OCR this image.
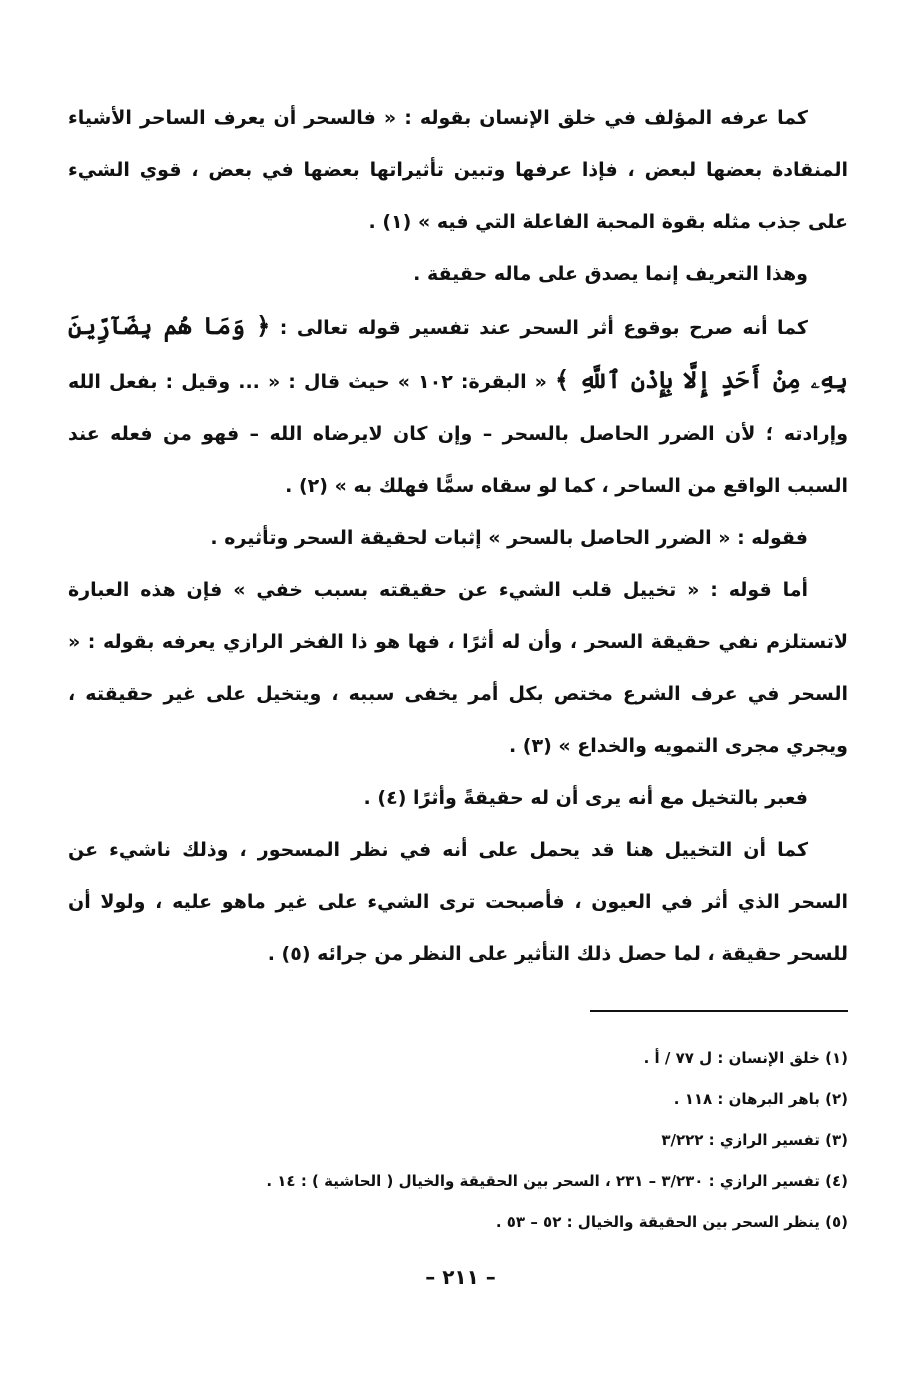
كما عرفه المؤلف في خلق الإنسان بقوله : « فالسحر أن يعرف الساحر الأشياء المنقادة بعضها لبعض ، فإذا عرفها وتبين تأثيراتها بعضها في بعض ، قوي الشيء على جذب مثله بقوة المحبة الفاعلة التي فيه » (١) .

وهذا التعريف إنما يصدق على ماله حقيقة .

كما أنه صرح بوقوع أثر السحر عند تفسير قوله تعالى : ﴿ وَمَا هُم بِضَآرِّينَ بِهِۦ مِنْ أَحَدٍ إِلَّا بِإِذْنِ ٱللَّهِ ﴾ « البقرة: ١٠٢ » حيث قال : « ... وقيل : بفعل الله وإرادته ؛ لأن الضرر الحاصل بالسحر – وإن كان لايرضاه الله – فهو من فعله عند السبب الواقع من الساحر ، كما لو سقاه سمًّا فهلك به » (٢) .

فقوله : « الضرر الحاصل بالسحر » إثبات لحقيقة السحر وتأثيره .

أما قوله : « تخييل قلب الشيء عن حقيقته بسبب خفي » فإن هذه العبارة لاتستلزم نفي حقيقة السحر ، وأن له أثرًا ، فها هو ذا الفخر الرازي يعرفه بقوله : « السحر في عرف الشرع مختص بكل أمر يخفى سببه ، ويتخيل على غير حقيقته ، ويجري مجرى التمويه والخداع » (٣) .

فعبر بالتخيل مع أنه يرى أن له حقيقةً وأثرًا (٤) .

كما أن التخييل هنا قد يحمل على أنه في نظر المسحور ، وذلك ناشيء عن السحر الذي أثر في العيون ، فأصبحت ترى الشيء على غير ماهو عليه ، ولولا أن للسحر حقيقة ، لما حصل ذلك التأثير على النظر من جرائه (٥) .

(١) خلق الإنسان : ل ٧٧ / أ .

(٢) باهر البرهان : ١١٨ .

(٣) تفسير الرازي : ٣/٢٢٢

(٤) تفسير الرازي : ٣/٢٣٠ – ٢٣١ ، السحر بين الحقيقة والخيال ( الحاشية ) : ١٤ .

(٥) ينظر السحر بين الحقيقة والخيال : ٥٢ – ٥٣ .

– ٢١١ –
